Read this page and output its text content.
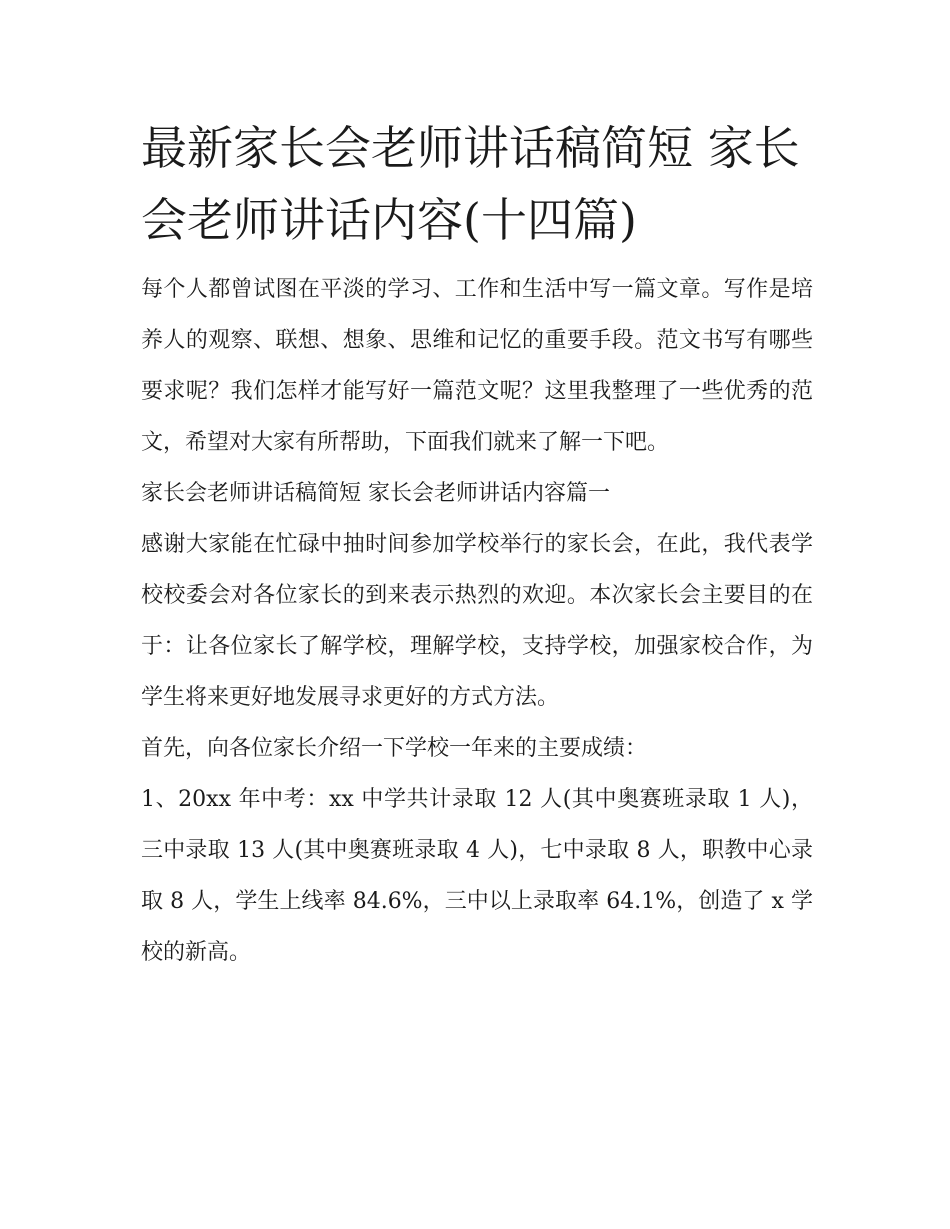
最新家长会老师讲话稿简短 家长会老师讲话内容(十四篇)

每个人都曾试图在平淡的学习、工作和生活中写一篇文章。写作是培养人的观察、联想、想象、思维和记忆的重要手段。范文书写有哪些要求呢？我们怎样才能写好一篇范文呢？这里我整理了一些优秀的范文，希望对大家有所帮助，下面我们就来了解一下吧。

家长会老师讲话稿简短 家长会老师讲话内容篇一

感谢大家能在忙碌中抽时间参加学校举行的家长会，在此，我代表学校校委会对各位家长的到来表示热烈的欢迎。本次家长会主要目的在于：让各位家长了解学校，理解学校，支持学校，加强家校合作，为学生将来更好地发展寻求更好的方式方法。

首先，向各位家长介绍一下学校一年来的主要成绩：

1、20xx 年中考：xx 中学共计录取 12 人(其中奥赛班录取 1 人)，三中录取 13 人(其中奥赛班录取 4 人)，七中录取 8 人，职教中心录取 8 人，学生上线率 84.6%，三中以上录取率 64.1%，创造了 x 学校的新高。
